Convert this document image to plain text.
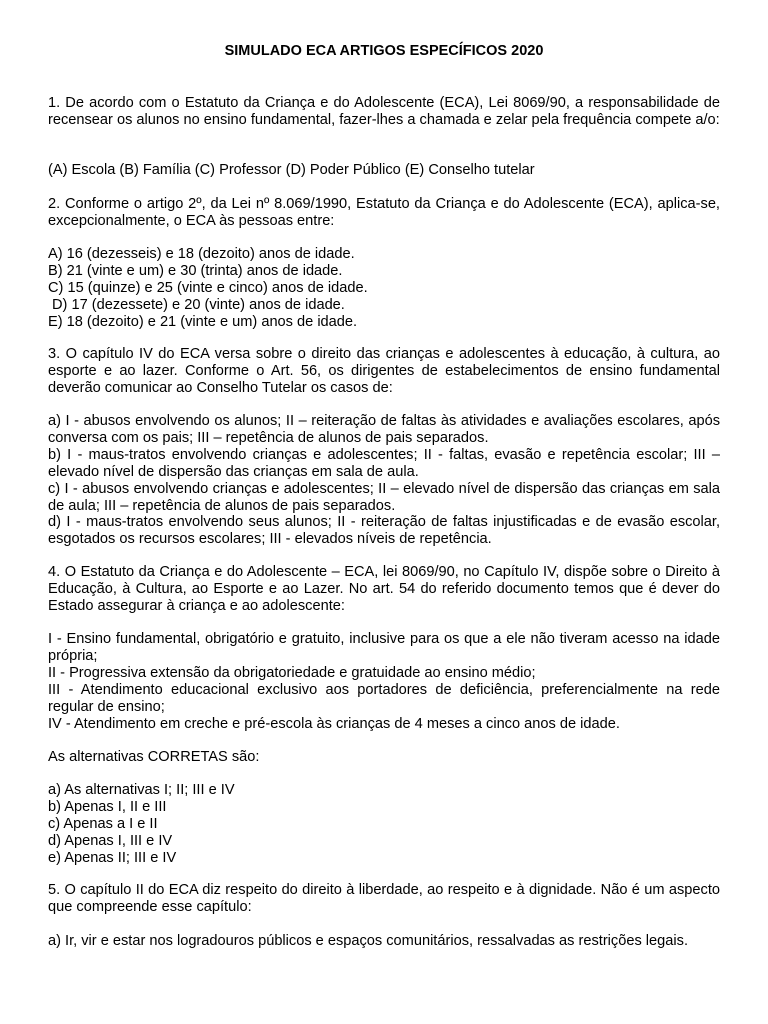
SIMULADO ECA ARTIGOS ESPECÍFICOS 2020

1. De acordo com o Estatuto da Criança e do Adolescente (ECA), Lei 8069/90, a responsabilidade de recensear os alunos no ensino fundamental, fazer-lhes a chamada e zelar pela frequência compete a/o:

(A) Escola (B) Família (C) Professor (D) Poder Público (E) Conselho tutelar

2. Conforme o artigo 2º, da Lei nº 8.069/1990, Estatuto da Criança e do Adolescente (ECA), aplica-se, excepcionalmente, o ECA às pessoas entre:

A) 16 (dezesseis) e 18 (dezoito) anos de idade.

B) 21 (vinte e um) e 30 (trinta) anos de idade.

C) 15 (quinze) e 25 (vinte e cinco) anos de idade.

D) 17 (dezessete) e 20 (vinte) anos de idade.

E) 18 (dezoito) e 21 (vinte e um) anos de idade.

3. O capítulo IV do ECA versa sobre o direito das crianças e adolescentes à educação, à cultura, ao esporte e ao lazer. Conforme o Art. 56, os dirigentes de estabelecimentos de ensino fundamental deverão comunicar ao Conselho Tutelar os casos de:

a) I - abusos envolvendo os alunos; II – reiteração de faltas às atividades e avaliações escolares, após conversa com os pais; III – repetência de alunos de pais separados.

b) I - maus-tratos envolvendo crianças e adolescentes; II - faltas, evasão e repetência escolar; III – elevado nível de dispersão das crianças em sala de aula.

c) I - abusos envolvendo crianças e adolescentes; II – elevado nível de dispersão das crianças em sala de aula; III – repetência de alunos de pais separados.

d) I - maus-tratos envolvendo seus alunos; II - reiteração de faltas injustificadas e de evasão escolar, esgotados os recursos escolares; III - elevados níveis de repetência.

4. O Estatuto da Criança e do Adolescente – ECA, lei 8069/90, no Capítulo IV, dispõe sobre o Direito à Educação, à Cultura, ao Esporte e ao Lazer. No art. 54 do referido documento temos que é dever do Estado assegurar à criança e ao adolescente:

I - Ensino fundamental, obrigatório e gratuito, inclusive para os que a ele não tiveram acesso na idade própria;

II - Progressiva extensão da obrigatoriedade e gratuidade ao ensino médio;

III - Atendimento educacional exclusivo aos portadores de deficiência, preferencialmente na rede regular de ensino;

IV - Atendimento em creche e pré-escola às crianças de 4 meses a cinco anos de idade.

As alternativas CORRETAS são:

a) As alternativas I; II; III e IV

b) Apenas I, II e III

c) Apenas a I e II

d) Apenas I, III e IV

e) Apenas II; III e IV

5. O capítulo II do ECA diz respeito do direito à liberdade, ao respeito e à dignidade. Não é um aspecto que compreende esse capítulo:

a) Ir, vir e estar nos logradouros públicos e espaços comunitários, ressalvadas as restrições legais.
